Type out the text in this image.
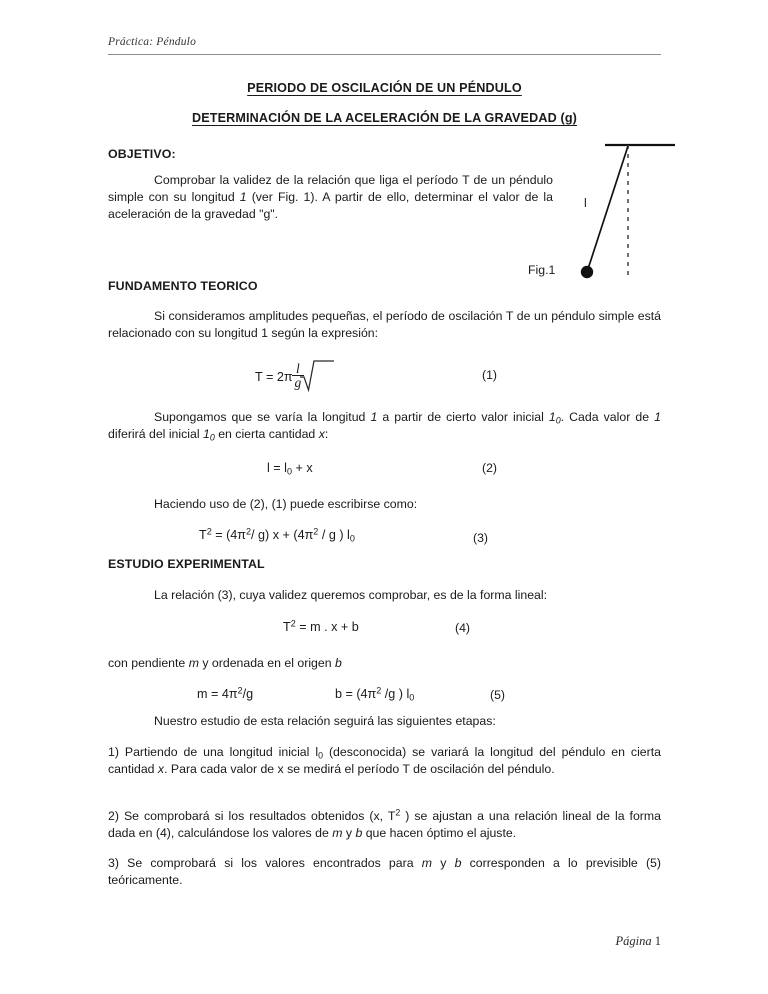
Práctica: Péndulo
PERIODO DE OSCILACIÓN DE UN PÉNDULO
DETERMINACIÓN DE LA ACELERACIÓN DE LA GRAVEDAD (g)
OBJETIVO:
Comprobar la validez de la relación que liga el período T de un péndulo simple con su longitud 1 (ver Fig. 1). A partir de ello, determinar el valor de la aceleración de la gravedad "g".
l
Fig.1
FUNDAMENTO TEORICO
Si consideramos amplitudes pequeñas, el período de oscilación T de un péndulo simple está relacionado con su longitud 1 según la expresión:
T = 2π
$\frac{l}{g}$	(1)
Supongamos que se varía la longitud 1 a partir de cierto valor inicial $1_0$. Cada valor de 1 diferirá del inicial $1_0$ en cierta cantidad x:
$l = l_0 + x$	(2)
Haciendo uso de (2), (1) puede escribirse como:
$T^2 = (4\pi^2/$ g) $x + (4\pi^2 / g$ ) $l_0$	(3)
ESTUDIO EXPERIMENTAL
La relación (3), cuya validez queremos comprobar, es de la forma lineal:
$T^2 = m$ . x + b	(4)
con pendiente m y ordenada en el origen b
$m = 4\pi^2/g$	$b = (4\pi^2$ /g ) $l_0$	(5)
Nuestro estudio de esta relación seguirá las siguientes etapas:
1) Partiendo de una longitud inicial $l_0$ (desconocida) se variará la longitud del péndulo en cierta cantidad x. Para cada valor de x se medirá el período T de oscilación del péndulo.
2) Se comprobará si los resultados obtenidos (x, $T^2$ ) se ajustan a una relación lineal de la forma dada en (4), calculándose los valores de m y b que hacen óptimo el ajuste.
3) Se comprobará si los valores encontrados para m y b corresponden a lo previsible (5) teóricamente.
Página 1
